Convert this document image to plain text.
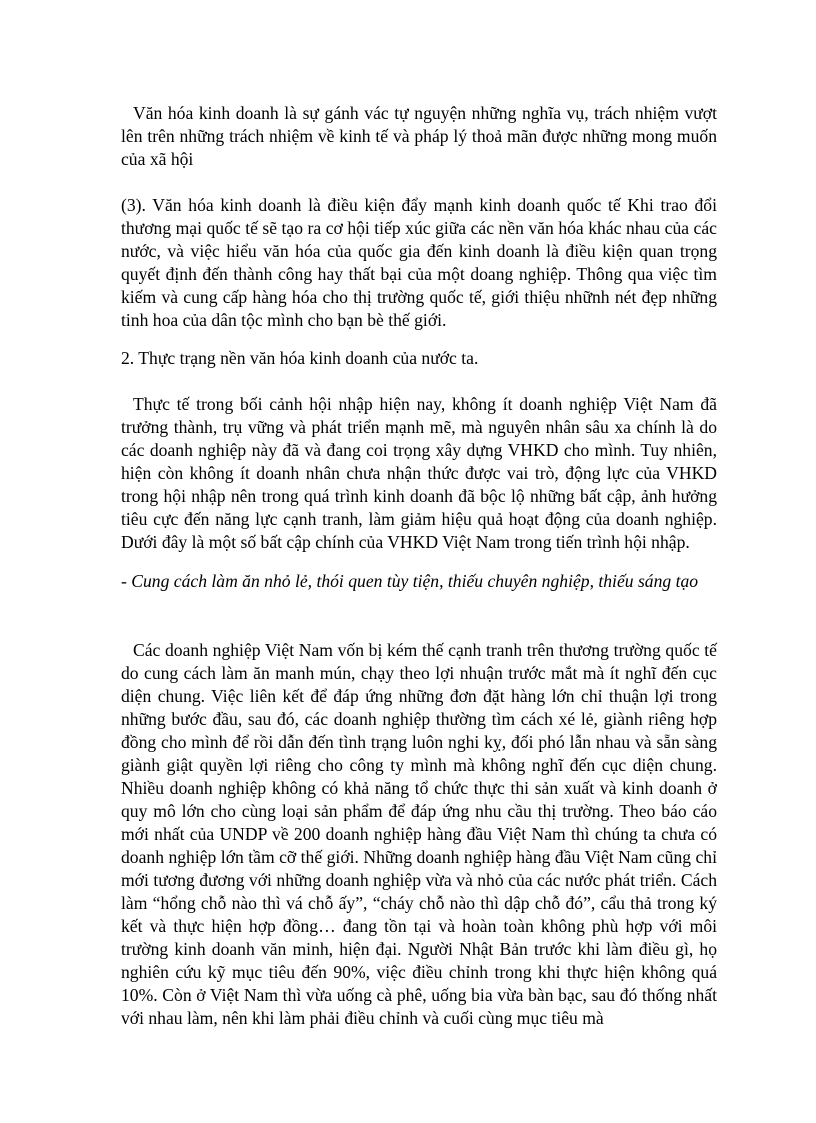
Văn hóa kinh doanh là sự gánh vác tự nguyện những nghĩa vụ, trách nhiệm vượt lên trên những trách nhiệm về kinh tế và pháp lý thoả mãn được những mong muốn của xã hội

(3). Văn hóa kinh doanh là điều kiện đẩy mạnh kinh doanh quốc tế Khi trao đổi thương mại quốc tế sẽ tạo ra cơ hội tiếp xúc giữa các nền văn hóa khác nhau của các nước, và việc hiểu văn hóa của quốc gia đến kinh doanh là điều kiện quan trọng quyết định đến thành công hay thất bại của một doang nghiệp. Thông qua việc tìm kiếm và cung cấp hàng hóa cho thị trường quốc tế, giới thiệu nhữnh nét đẹp những tinh hoa của dân tộc mình cho bạn bè thế giới.

2. Thực trạng nền văn hóa kinh doanh của nước ta.

Thực tế trong bối cảnh hội nhập hiện nay, không ít doanh nghiệp Việt Nam đã trưởng thành, trụ vững và phát triển mạnh mẽ, mà nguyên nhân sâu xa chính là do các doanh nghiệp này đã và đang coi trọng xây dựng VHKD cho mình. Tuy nhiên, hiện còn không ít doanh nhân chưa nhận thức được vai trò, động lực của VHKD trong hội nhập nên trong quá trình kinh doanh đã bộc lộ những bất cập, ảnh hưởng tiêu cực đến năng lực cạnh tranh, làm giảm hiệu quả hoạt động của doanh nghiệp. Dưới đây là một số bất cập chính của VHKD Việt Nam trong tiến trình hội nhập.

- Cung cách làm ăn nhỏ lẻ, thói quen tùy tiện, thiếu chuyên nghiệp, thiếu sáng tạo

Các doanh nghiệp Việt Nam vốn bị kém thế cạnh tranh trên thương trường quốc tế do cung cách làm ăn manh mún, chạy theo lợi nhuận trước mắt mà ít nghĩ đến cục diện chung. Việc liên kết để đáp ứng những đơn đặt hàng lớn chỉ thuận lợi trong những bước đầu, sau đó, các doanh nghiệp thường tìm cách xé lẻ, giành riêng hợp đồng cho mình để rồi dẫn đến tình trạng luôn nghi kỵ, đối phó lẫn nhau và sẵn sàng giành giật quyền lợi riêng cho công ty mình mà không nghĩ đến cục diện chung. Nhiều doanh nghiệp không có khả năng tổ chức thực thi sản xuất và kinh doanh ở quy mô lớn cho cùng loại sản phẩm để đáp ứng nhu cầu thị trường. Theo báo cáo mới nhất của UNDP về 200 doanh nghiệp hàng đầu Việt Nam thì chúng ta chưa có doanh nghiệp lớn tầm cỡ thế giới. Những doanh nghiệp hàng đầu Việt Nam cũng chỉ mới tương đương với những doanh nghiệp vừa và nhỏ của các nước phát triển. Cách làm “hổng chỗ nào thì vá chỗ ấy”, “cháy chỗ nào thì dập chỗ đó”, cẩu thả trong ký kết và thực hiện hợp đồng… đang tồn tại và hoàn toàn không phù hợp với môi trường kinh doanh văn minh, hiện đại. Người Nhật Bản trước khi làm điều gì, họ nghiên cứu kỹ mục tiêu đến 90%, việc điều chỉnh trong khi thực hiện không quá 10%. Còn ở Việt Nam thì vừa uống cà phê, uống bia vừa bàn bạc, sau đó thống nhất với nhau làm, nên khi làm phải điều chỉnh và cuối cùng mục tiêu mà
